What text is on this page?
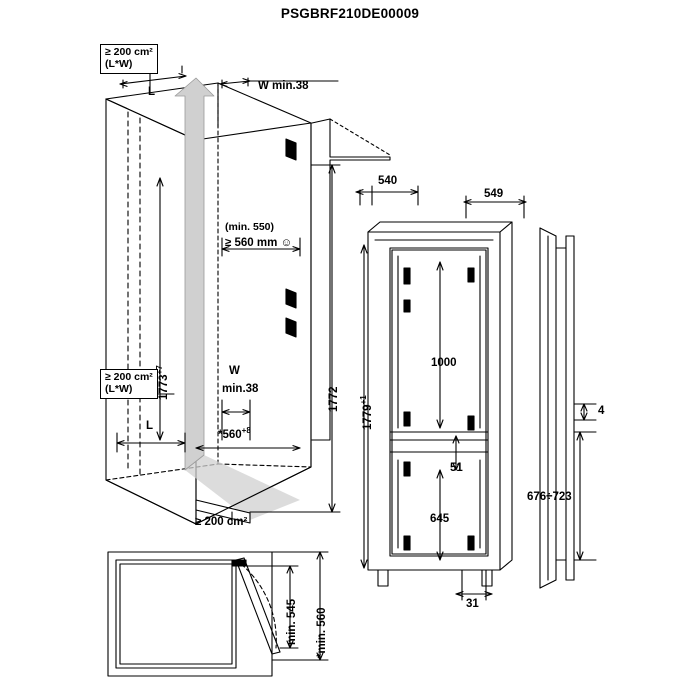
PSGBRF210DE00009
≥ 200 cm²
(L*W)
≥ 200 cm²
(L*W)
L
L
W min.38
W
min.38
(min. 550)
≥ 560 mm ☺
$1773^{+7}$
$*560^{+8}$
1772
540
549
$1779^{+1}$
1000
51
645
31
4
676÷723
≥ 200 cm²
min. 545 *min. 560
